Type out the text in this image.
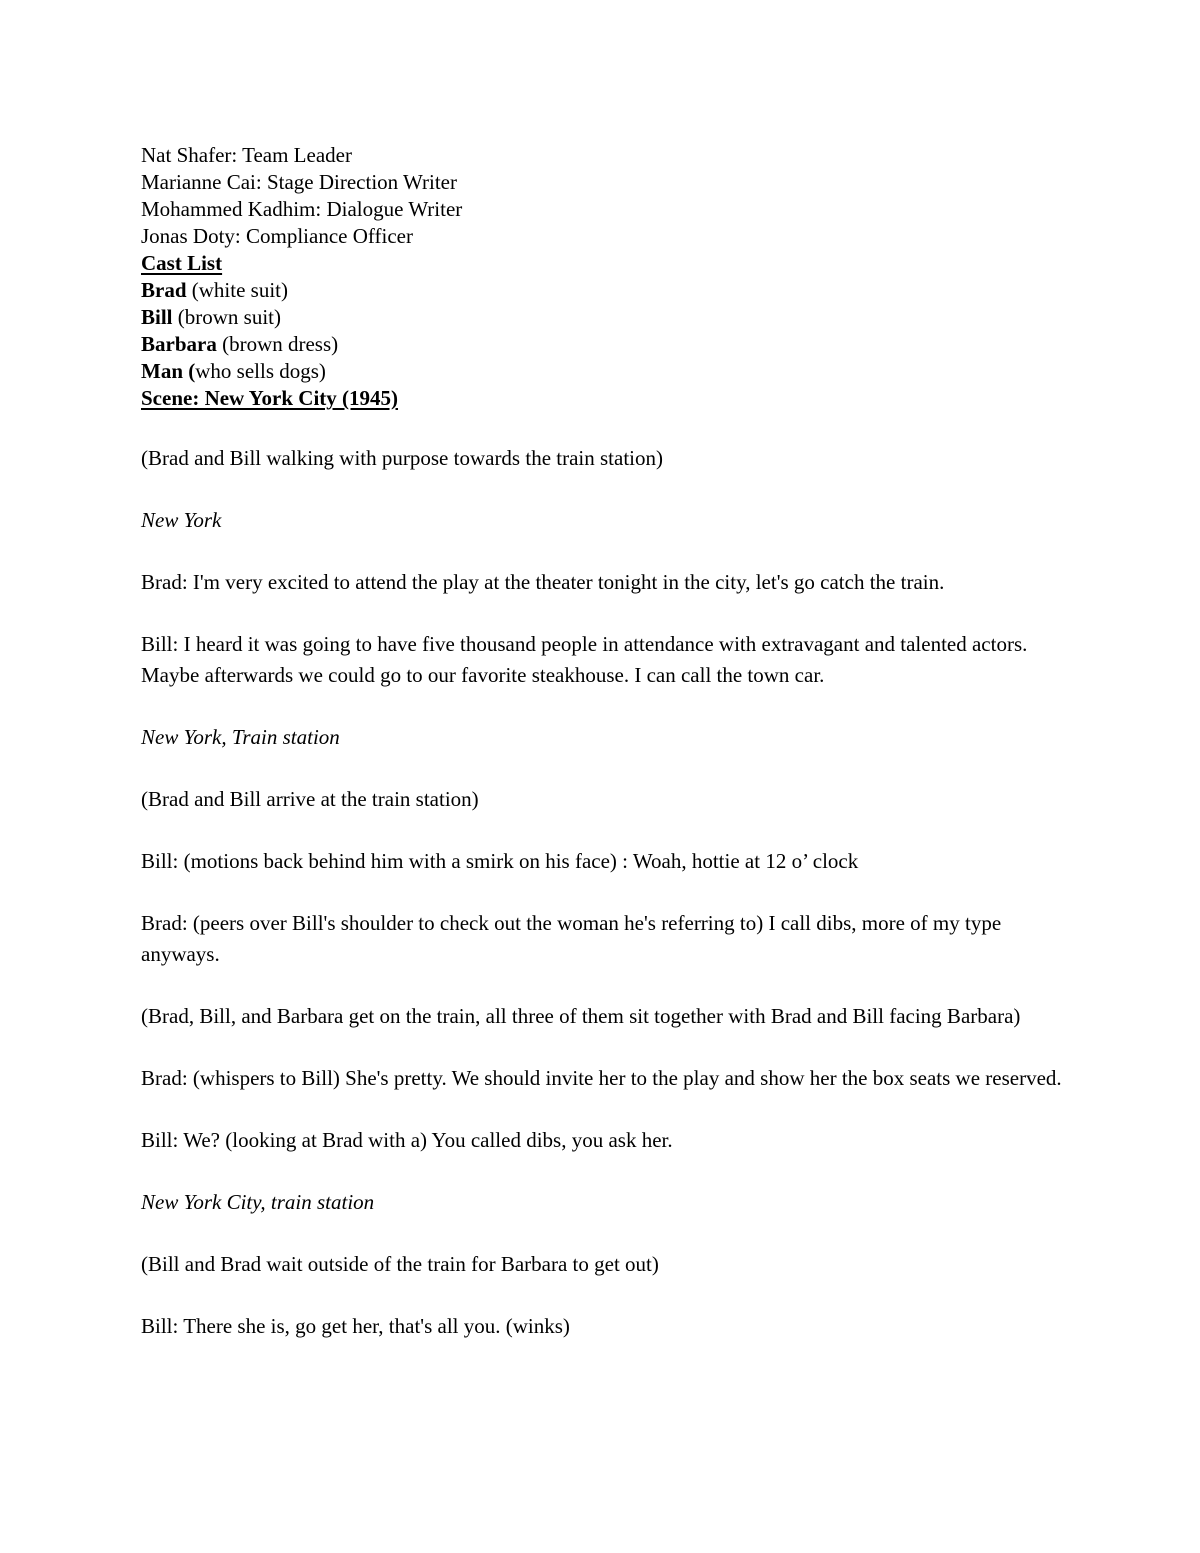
Nat Shafer: Team Leader
Marianne Cai: Stage Direction Writer
Mohammed Kadhim: Dialogue Writer
Jonas Doty: Compliance Officer
Cast List
Brad (white suit)
Bill (brown suit)
Barbara (brown dress)
Man (who sells dogs)
Scene: New York City (1945)
(Brad and Bill walking with purpose towards the train station)
New York
Brad: I'm very excited to attend the play at the theater tonight in the city, let's go catch the train.
Bill: I heard it was going to have five thousand people in attendance with extravagant and talented actors. Maybe afterwards we could go to our favorite steakhouse. I can call the town car.
New York, Train station
(Brad and Bill arrive at the train station)
Bill: (motions back behind him with a smirk on his face) : Woah, hottie at 12 o’ clock
Brad: (peers over Bill's shoulder to check out the woman he's referring to) I call dibs, more of my type anyways.
(Brad, Bill, and Barbara get on the train, all three of them sit together with Brad and Bill facing Barbara)
Brad: (whispers to Bill) She's pretty. We should invite her to the play and show her the box seats we reserved.
Bill: We? (looking at Brad with a) You called dibs, you ask her.
New York City, train station
(Bill and Brad wait outside of the train for Barbara to get out)
Bill: There she is, go get her, that's all you. (winks)
